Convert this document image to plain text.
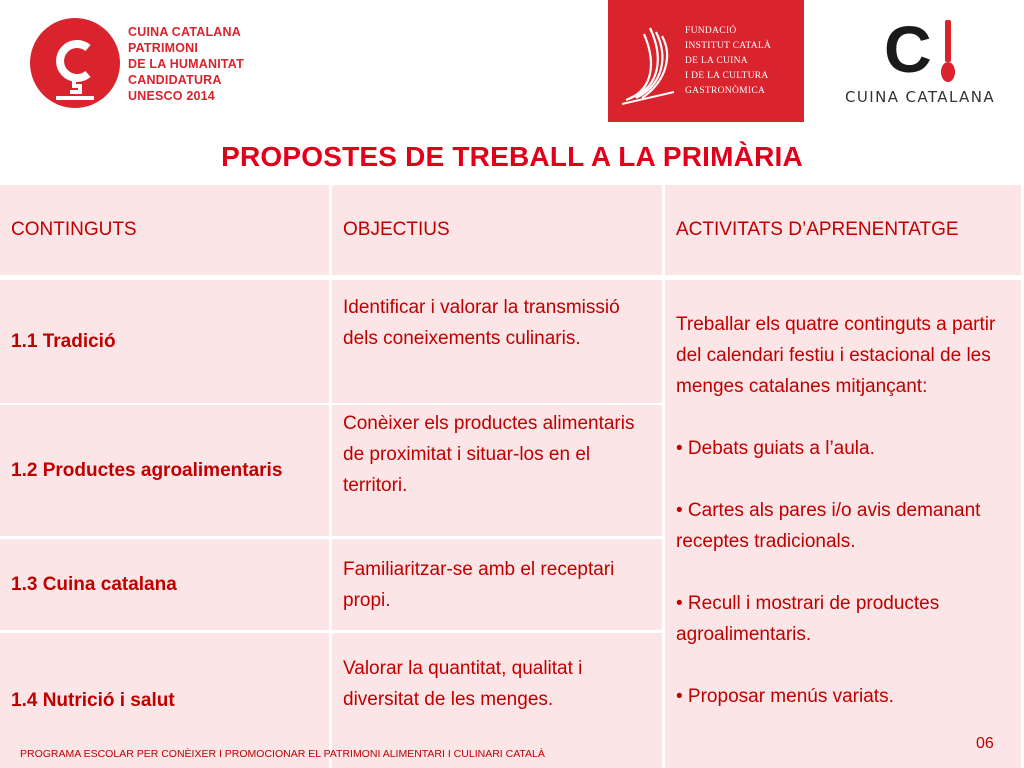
CUINA CATALANA
PATRIMONI
DE LA HUMANITAT
CANDIDATURA
UNESCO 2014
FUNDACIÓ
INSTITUT CATALÀ
DE LA CUINA
I DE LA CULTURA
GASTRONÒMICA
C
CUINA CATALANA
PROPOSTES DE TREBALL A LA PRIMÀRIA
CONTINGUTS	OBJECTIUS	ACTIVITATS D’APRENENTATGE
1.1 Tradició
Identificar i valorar la transmissió dels coneixements culinaris.
1.2 Productes agroalimentaris
Conèixer els productes alimentaris de proximitat i situar-los en el territori.
1.3 Cuina catalana
Familiaritzar-se amb el receptari propi.
1.4 Nutrició i salut
Valorar la quantitat, qualitat i diversitat de les menges.

Treballar els quatre continguts a partir del calendari festiu i estacional de les menges catalanes mitjançant:

• Debats guiats a l’aula.

• Cartes als pares i/o avis demanant receptes tradicionals.

• Recull i mostrari de productes agroalimentaris.

• Proposar menús variats.

PROGRAMA ESCOLAR PER CONÈIXER I PROMOCIONAR EL PATRIMONI ALIMENTARI I CULINARI CATALÀ
06
